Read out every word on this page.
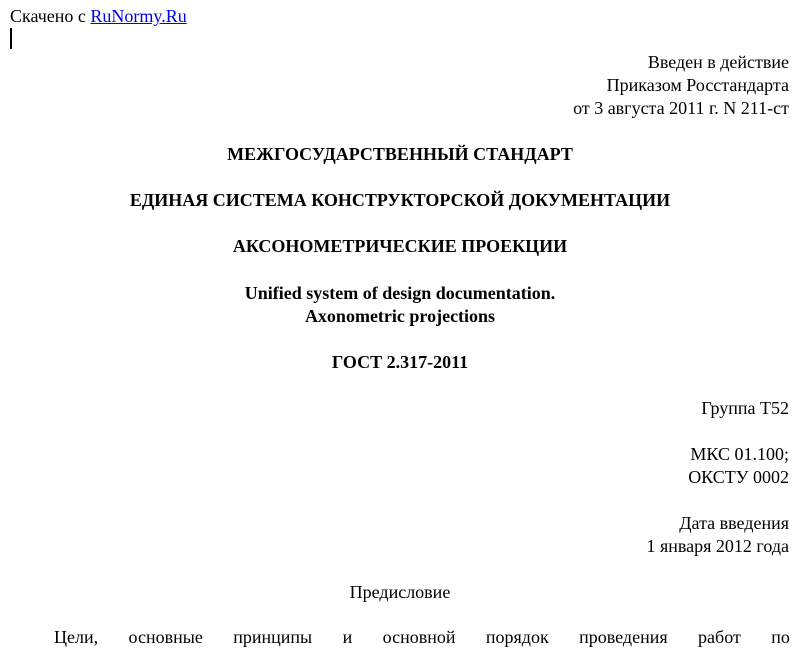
Скачено с RuNormy.Ru
Введен в действие
Приказом Росстандарта
от 3 августа 2011 г. N 211-ст
МЕЖГОСУДАРСТВЕННЫЙ СТАНДАРТ
ЕДИНАЯ СИСТЕМА КОНСТРУКТОРСКОЙ ДОКУМЕНТАЦИИ
АКСОНОМЕТРИЧЕСКИЕ ПРОЕКЦИИ
Unified system of design documentation.
Axonometric projections
ГОСТ 2.317-2011
Группа Т52
МКС 01.100;
ОКСТУ 0002
Дата введения
1 января 2012 года
Предисловие
Цели, основные принципы и основной порядок проведения работ по
